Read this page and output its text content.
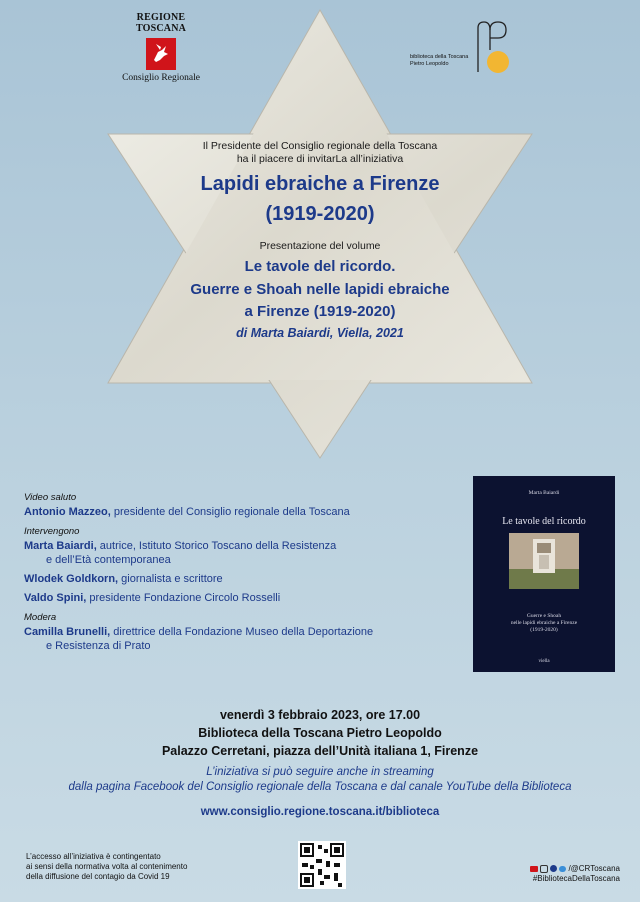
REGIONE TOSCANA
Consiglio Regionale
biblioteca della Toscana
Pietro Leopoldo
Il Presidente del Consiglio regionale della Toscana
ha il piacere di invitarLa all’iniziativa
Lapidi ebraiche a Firenze
(1919-2020)
Presentazione del volume
Le tavole del ricordo.
Guerre e Shoah nelle lapidi ebraiche
a Firenze (1919-2020)
di Marta Baiardi, Viella, 2021
Video saluto
Antonio Mazzeo, presidente del Consiglio regionale della Toscana
Intervengono
Marta Baiardi, autrice, Istituto Storico Toscano della Resistenza
e dell’Età contemporanea
Wlodek Goldkorn, giornalista e scrittore
Valdo Spini, presidente Fondazione Circolo Rosselli
Modera
Camilla Brunelli, direttrice della Fondazione Museo della Deportazione
e Resistenza di Prato
Marta Baiardi
Le tavole del ricordo
Guerre e Shoah
nelle lapidi ebraiche a Firenze
(1919-2020)
viella
venerdì 3 febbraio 2023, ore 17.00
Biblioteca della Toscana Pietro Leopoldo
Palazzo Cerretani, piazza dell’Unità italiana 1, Firenze
L’iniziativa si può seguire anche in streaming
dalla pagina Facebook del Consiglio regionale della Toscana e dal canale YouTube della Biblioteca
www.consiglio.regione.toscana.it/biblioteca
L’accesso all’iniziativa è contingentato
ai sensi della normativa volta al contenimento
della diffusione del contagio da Covid 19
/@CRToscana
#BibliotecaDellaToscana
